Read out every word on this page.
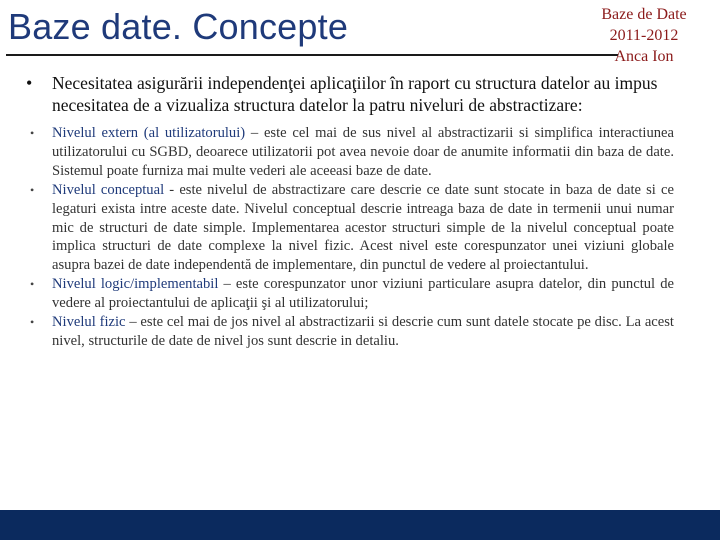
Baze date. Concepte	Baze de Date
2011-2012
Anca Ion
• Necesitatea asigurării independenţei aplicaţiilor în raport cu structura datelor au impus necesitatea de a vizualiza structura datelor la patru niveluri de abstractizare:
• Nivelul extern (al utilizatorului) – este cel mai de sus nivel al abstractizarii si simplifica interactiunea utilizatorului cu SGBD, deoarece utilizatorii pot avea nevoie doar de anumite informatii din baza de date. Sistemul poate furniza mai multe vederi ale aceeasi baze de date.
• Nivelul conceptual - este nivelul de abstractizare care descrie ce date sunt stocate in baza de date si ce legaturi exista intre aceste date. Nivelul conceptual descrie intreaga baza de date in termenii unui numar mic de structuri de date simple. Implementarea acestor structuri simple de la nivelul conceptual poate implica structuri de date complexe la nivel fizic. Acest nivel este corespunzator unei viziuni globale asupra bazei de date independentă de implementare, din punctul de vedere al proiectantului.
• Nivelul logic/implementabil – este corespunzator unor viziuni particulare asupra datelor, din punctul de vedere al proiectantului de aplicaţii şi al utilizatorului;
• Nivelul fizic – este cel mai de jos nivel al abstractizarii si descrie cum sunt datele stocate pe disc. La acest nivel, structurile de date de nivel jos sunt descrie in detaliu.
